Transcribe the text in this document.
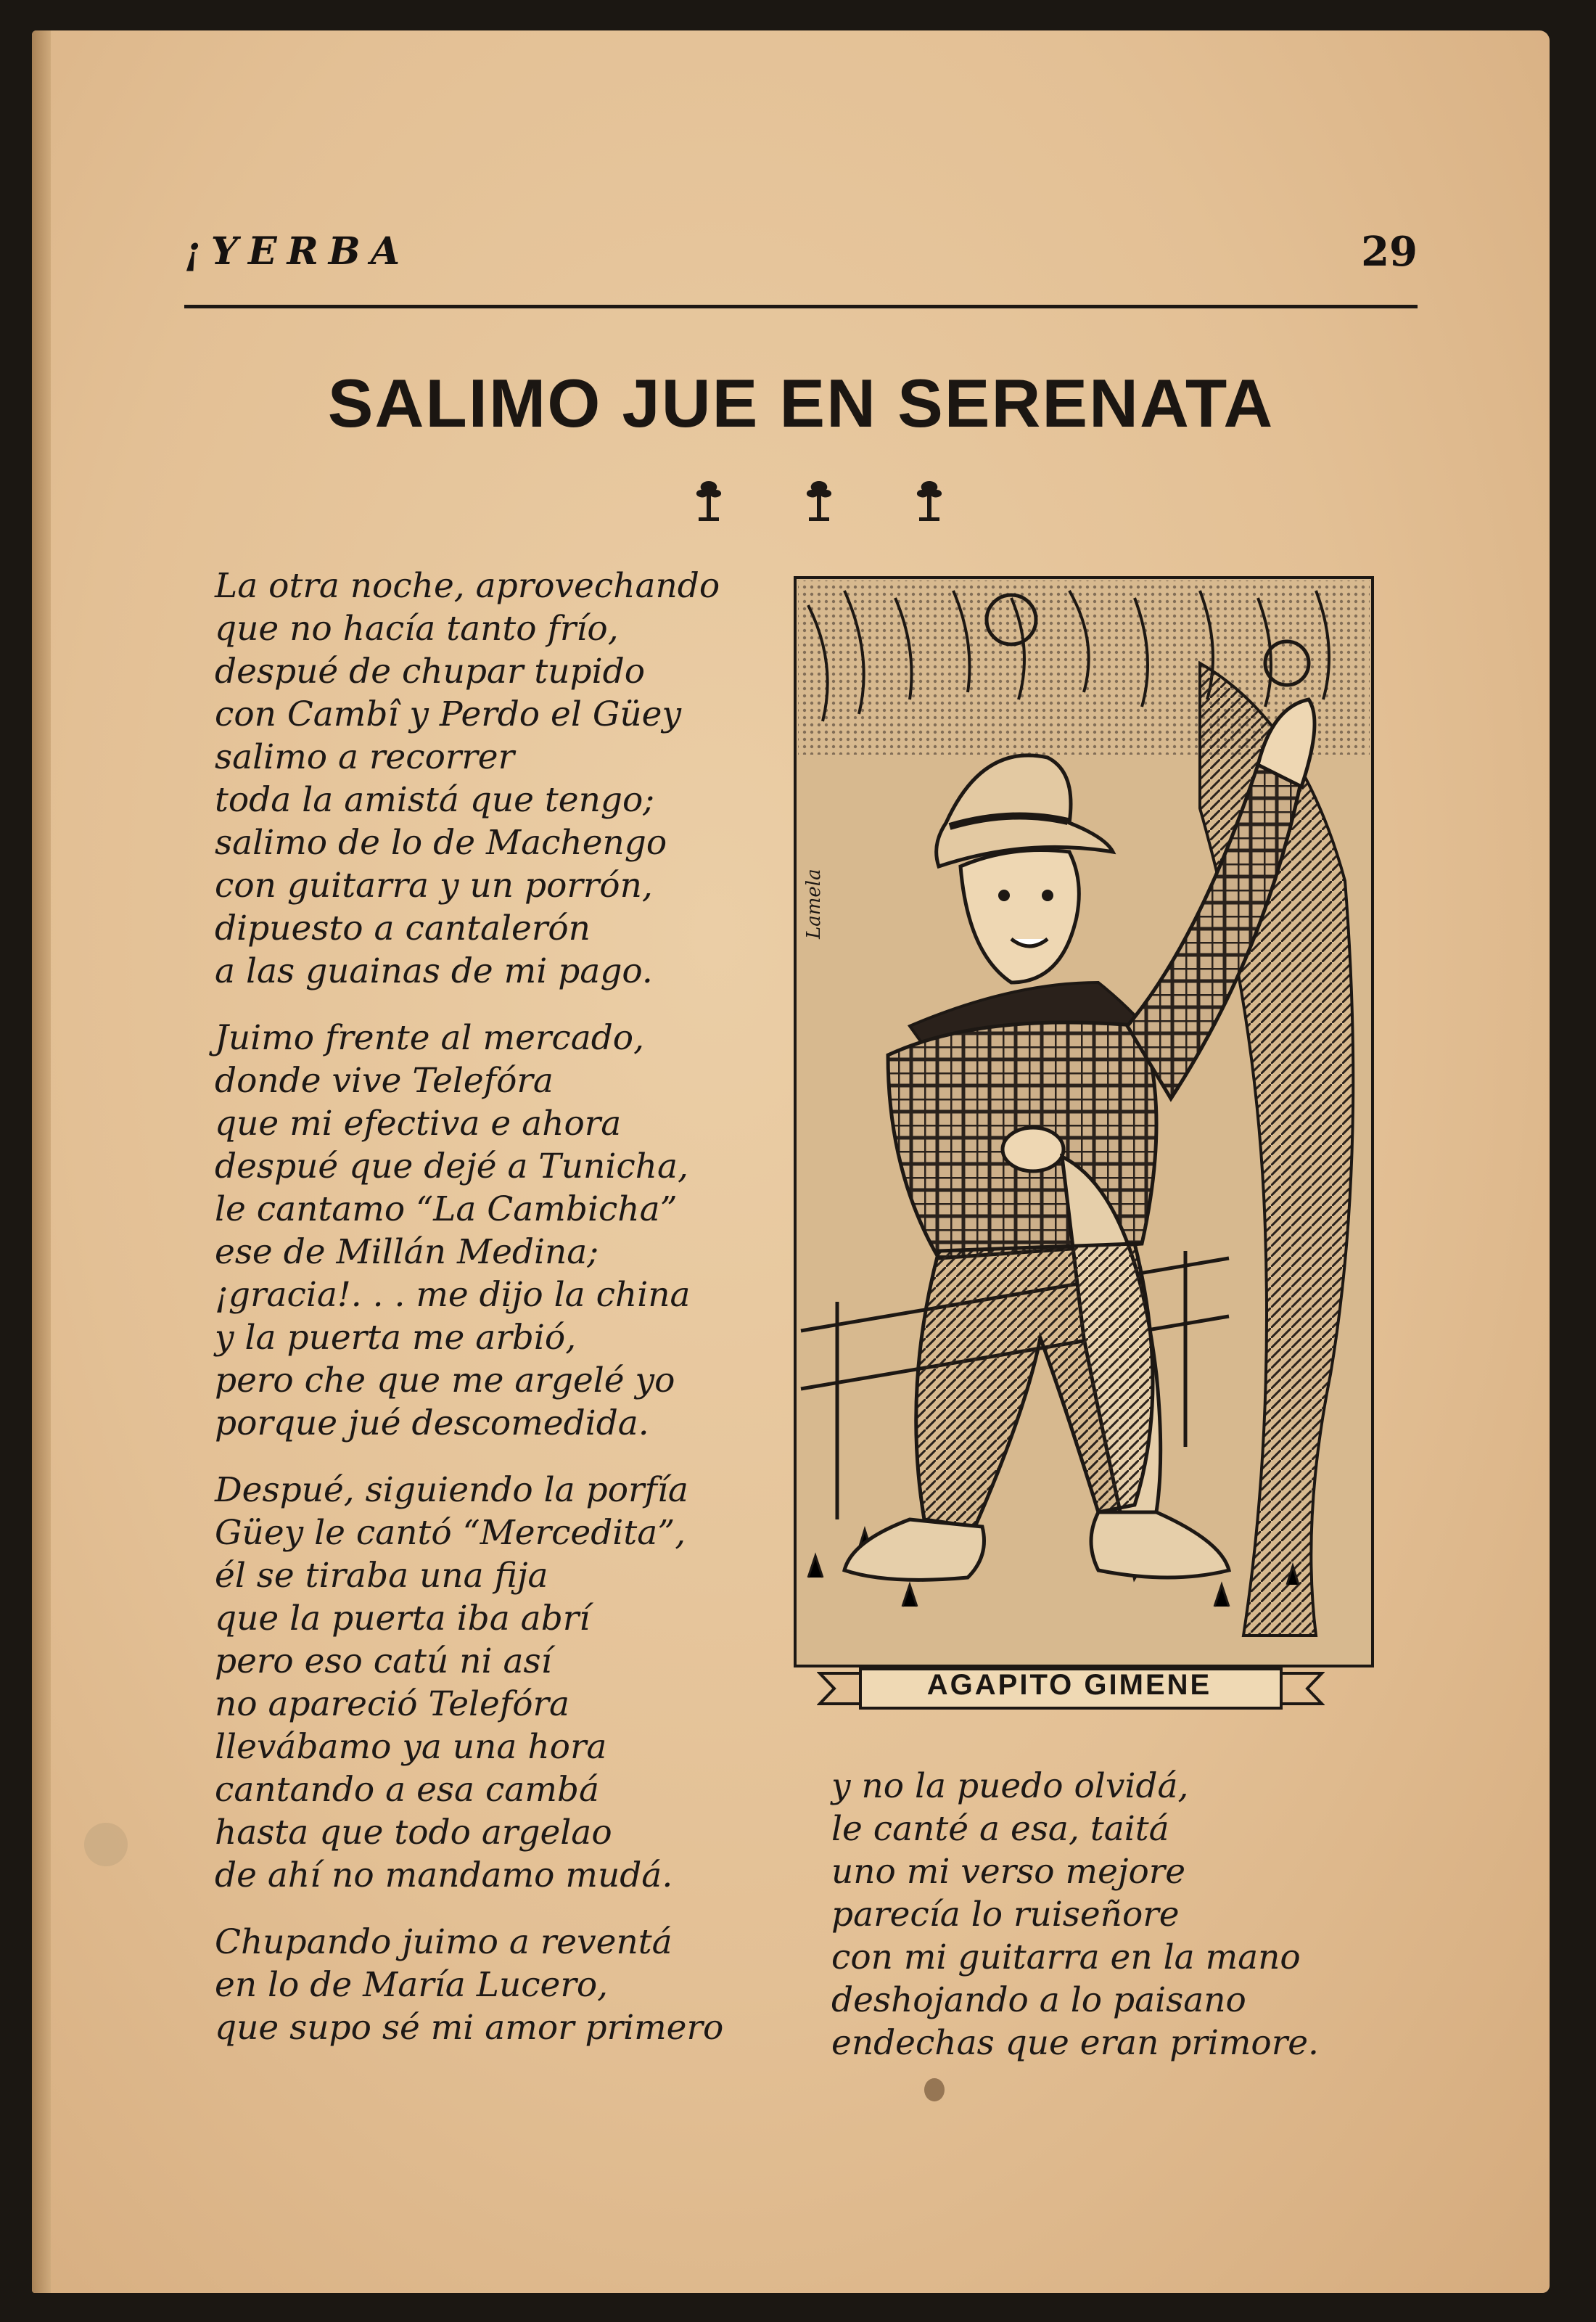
¡YERBA	29
SALIMO JUE EN SERENATA
La otra noche, aprovechando
que no hacía tanto frío,
despué de chupar tupido
con Cambî y Perdo el Güey
salimo a recorrer
toda la amistá que tengo;
salimo de lo de Machengo
con guitarra y un porrón,
dipuesto a cantalerón
a las guainas de mi pago.
Juimo frente al mercado,
donde vive Telefóra
que mi efectiva e ahora
despué que dejé a Tunicha,
le cantamo “La Cambicha”
ese de Millán Medina;
¡gracia!. . . me dijo la china
y la puerta me arbió,
pero che que me argelé yo
porque jué descomedida.
Despué, siguiendo la porfía
Güey le cantó “Mercedita”,
él se tiraba una fija
que la puerta iba abrí
pero eso catú ni así
no apareció Telefóra
llevábamo ya una hora
cantando a esa cambá
hasta que todo argelao
de ahí no mandamo mudá.
Chupando juimo a reventá
en lo de María Lucero,
que supo sé mi amor primero
Lamela
AGAPITO GIMENE
y no la puedo olvidá,
le canté a esa, taitá
uno mi verso mejore
parecía lo ruiseñore
con mi guitarra en la mano
deshojando a lo paisano
endechas que eran primore.
